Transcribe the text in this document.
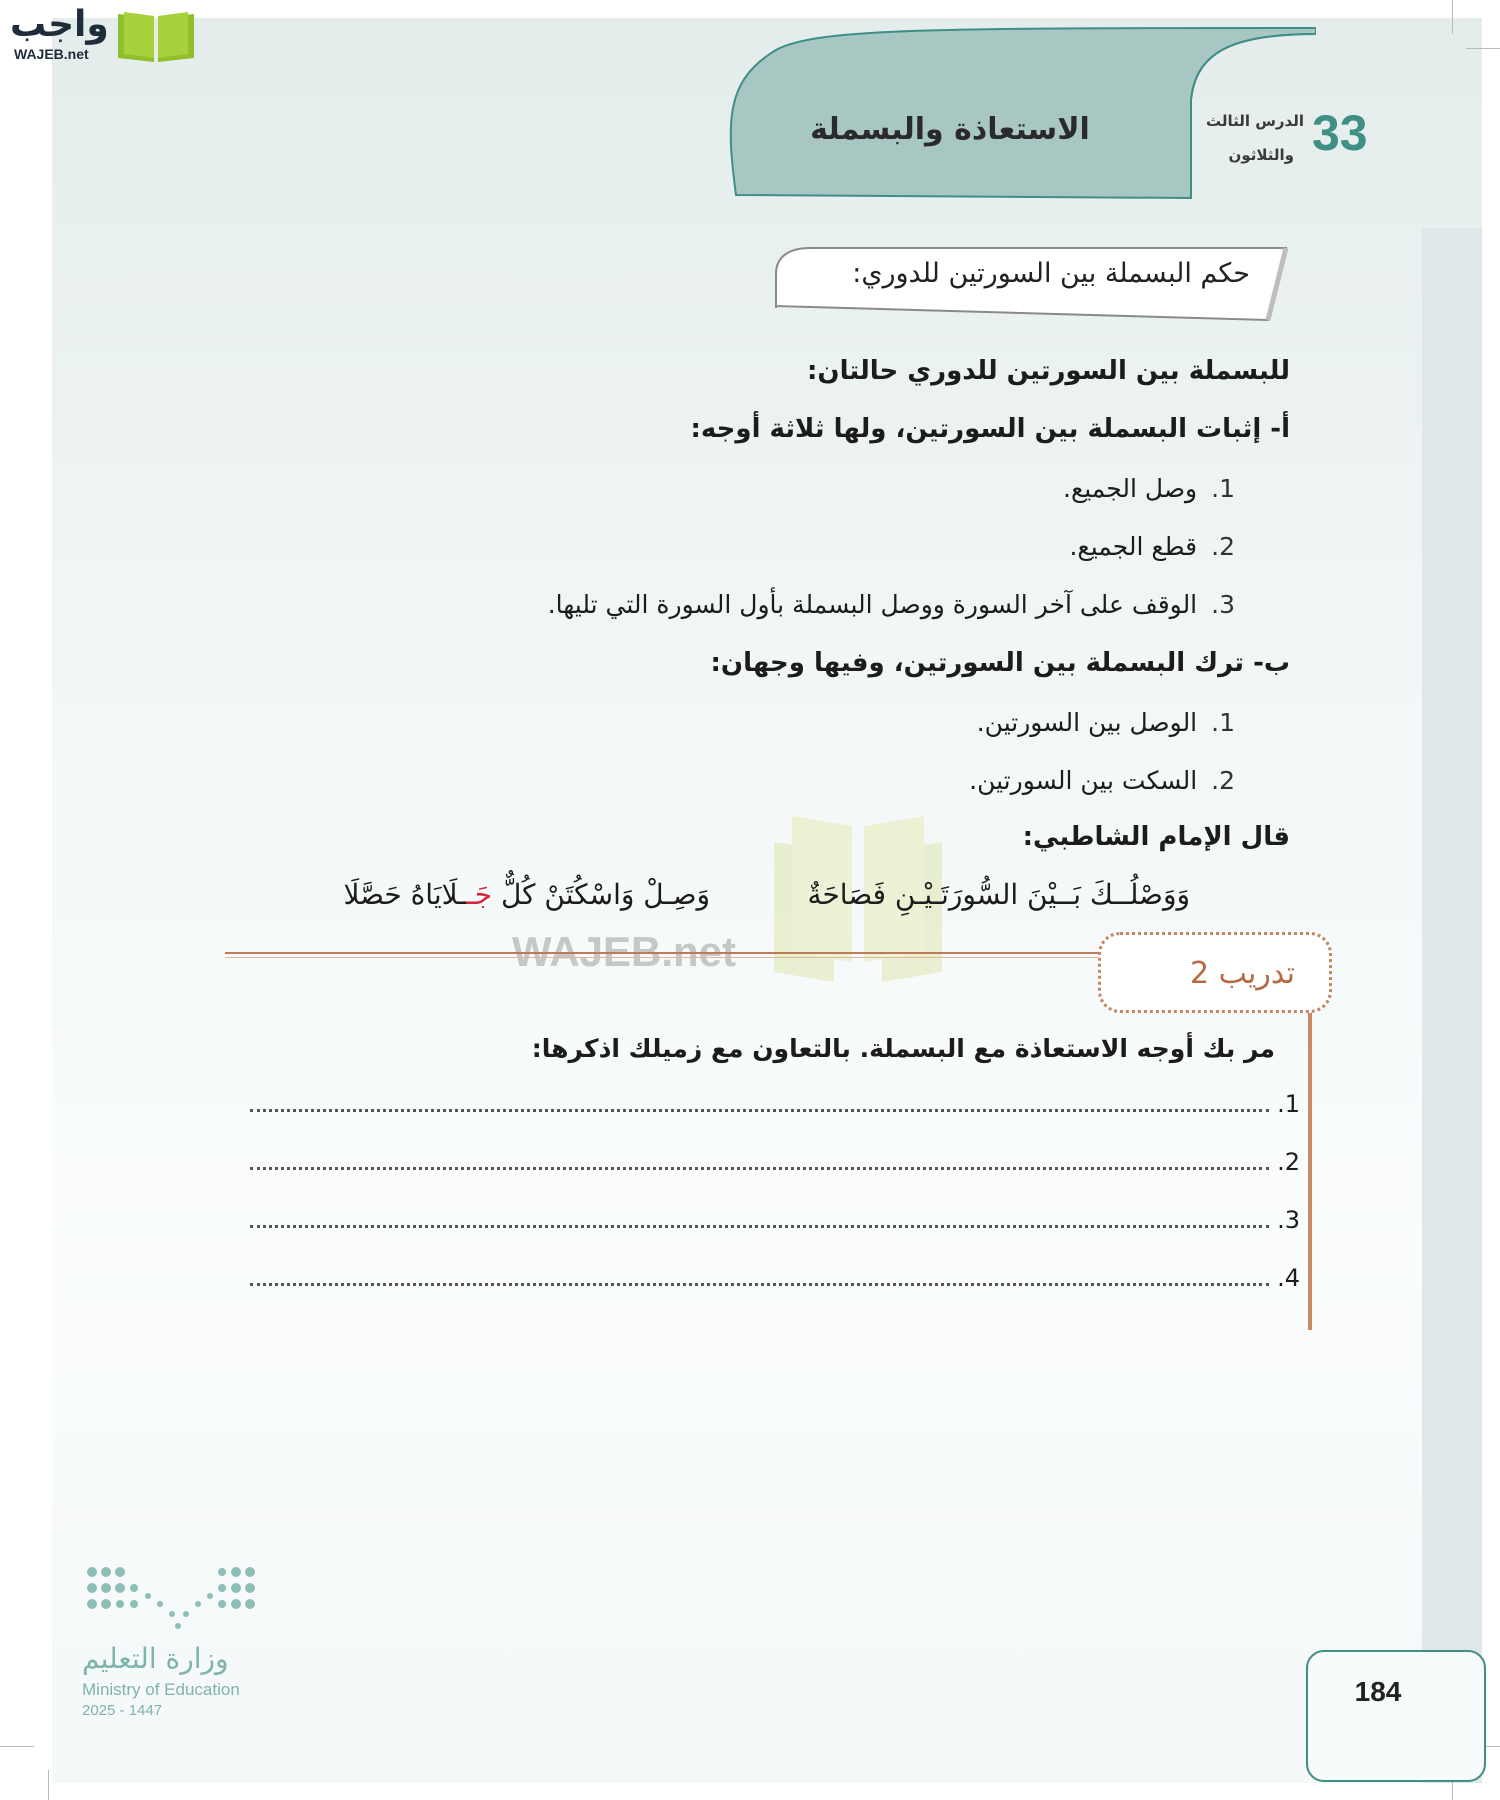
واجب
WAJEB.net
الاستعاذة والبسملة	33
الدرس الثالث
والثلاثون
حكم البسملة بين السورتين للدوري:
للبسملة بين السورتين للدوري حالتان:
أ- إثبات البسملة بين السورتين، ولها ثلاثة أوجه:
1.
وصل الجميع.
2.
قطع الجميع.
3.
الوقف على آخر السورة ووصل البسملة بأول السورة التي تليها.
ب- ترك البسملة بين السورتين، وفيها وجهان:
1.
الوصل بين السورتين.
2.
السكت بين السورتين.
قال الإمام الشاطبي:
وَوَصْلُــكَ بَــيْنَ السُّورَتَـيْـنِ فَصَاحَةٌ
وَصِـلْ وَاسْكُتَنْ كُلٌّ جَــلَايَاهُ حَصَّلَا
تدريب 2
مر بك أوجه الاستعاذة مع البسملة. بالتعاون مع زميلك اذكرها:
1.
2.
3.
4.
وزارة التعليم
Ministry of Education
2025 - 1447
184
